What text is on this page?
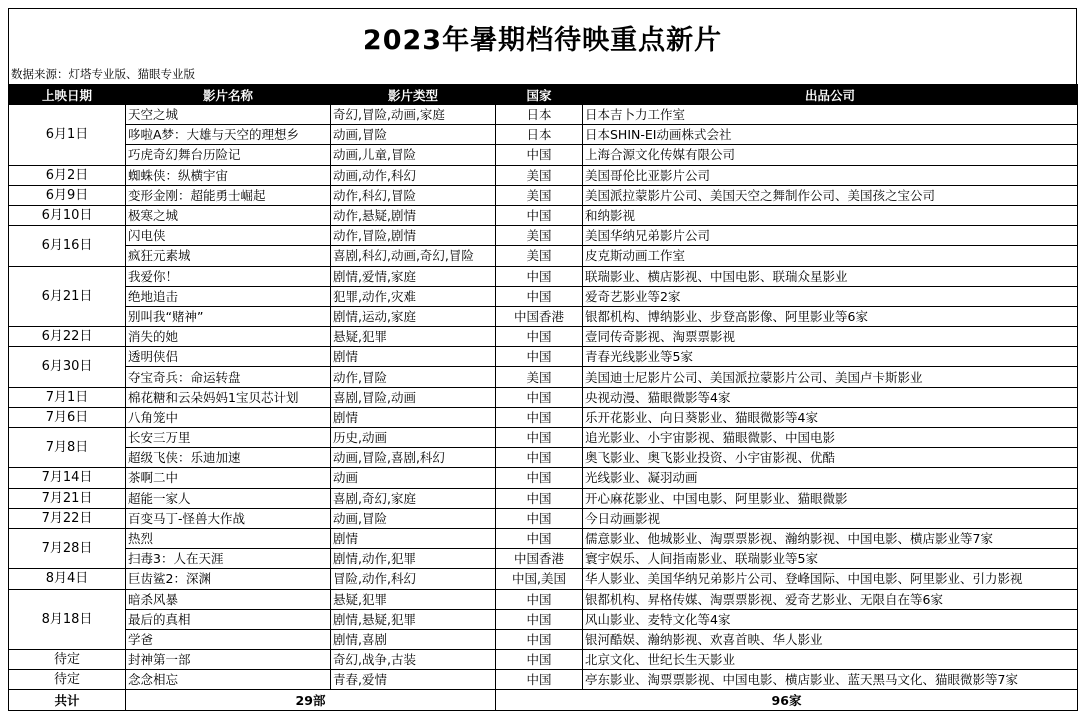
2023年暑期档待映重点新片
数据来源：灯塔专业版、猫眼专业版
上映日期	影片名称	影片类型	国家	出品公司
6月1日	天空之城	奇幻,冒险,动画,家庭	日本	日本吉卜力工作室
	哆啦A梦：大雄与天空的理想乡	动画,冒险	日本	日本SHIN-EI动画株式会社
	巧虎奇幻舞台历险记	动画,儿童,冒险	中国	上海合源文化传媒有限公司
6月2日	蜘蛛侠：纵横宇宙	动画,动作,科幻	美国	美国哥伦比亚影片公司
6月9日	变形金刚：超能勇士崛起	动作,科幻,冒险	美国	美国派拉蒙影片公司、美国天空之舞制作公司、美国孩之宝公司
6月10日	极寒之城	动作,悬疑,剧情	中国	和纳影视
6月16日	闪电侠	动作,冒险,剧情	美国	美国华纳兄弟影片公司
	疯狂元素城	喜剧,科幻,动画,奇幻,冒险	美国	皮克斯动画工作室
6月21日	我爱你！	剧情,爱情,家庭	中国	联瑞影业、横店影视、中国电影、联瑞众星影业
	绝地追击	犯罪,动作,灾难	中国	爱奇艺影业等2家
	别叫我“赌神”	剧情,运动,家庭	中国香港	银都机构、博纳影业、步登高影像、阿里影业等6家
6月22日	消失的她	悬疑,犯罪	中国	壹同传奇影视、淘票票影视
6月30日	透明侠侣	剧情	中国	青春光线影业等5家
	夺宝奇兵：命运转盘	动作,冒险	美国	美国迪士尼影片公司、美国派拉蒙影片公司、美国卢卡斯影业
7月1日	棉花糖和云朵妈妈1宝贝芯计划	喜剧,冒险,动画	中国	央视动漫、猫眼微影等4家
7月6日	八角笼中	剧情	中国	乐开花影业、向日葵影业、猫眼微影等4家
7月8日	长安三万里	历史,动画	中国	追光影业、小宇宙影视、猫眼微影、中国电影
	超级飞侠：乐迪加速	动画,冒险,喜剧,科幻	中国	奥飞影业、奥飞影业投资、小宇宙影视、优酷
7月14日	茶啊二中	动画	中国	光线影业、凝羽动画
7月21日	超能一家人	喜剧,奇幻,家庭	中国	开心麻花影业、中国电影、阿里影业、猫眼微影
7月22日	百变马丁-怪兽大作战	动画,冒险	中国	今日动画影视
7月28日	热烈	剧情	中国	儒意影业、他城影业、淘票票影视、瀚纳影视、中国电影、横店影业等7家
	扫毒3：人在天涯	剧情,动作,犯罪	中国香港	寰宇娱乐、人间指南影业、联瑞影业等5家
8月4日	巨齿鲨2：深渊	冒险,动作,科幻	中国,美国	华人影业、美国华纳兄弟影片公司、登峰国际、中国电影、阿里影业、引力影视
8月18日	暗杀风暴	悬疑,犯罪	中国	银都机构、昇格传媒、淘票票影视、爱奇艺影业、无限自在等6家
	最后的真相	剧情,悬疑,犯罪	中国	风山影业、麦特文化等4家
	学爸	剧情,喜剧	中国	银河酷娱、瀚纳影视、欢喜首映、华人影业
待定	封神第一部	奇幻,战争,古装	中国	北京文化、世纪长生天影业
待定	念念相忘	青春,爱情	中国	亭东影业、淘票票影视、中国电影、横店影业、蓝天黑马文化、猫眼微影等7家
共计	29部		96家	
